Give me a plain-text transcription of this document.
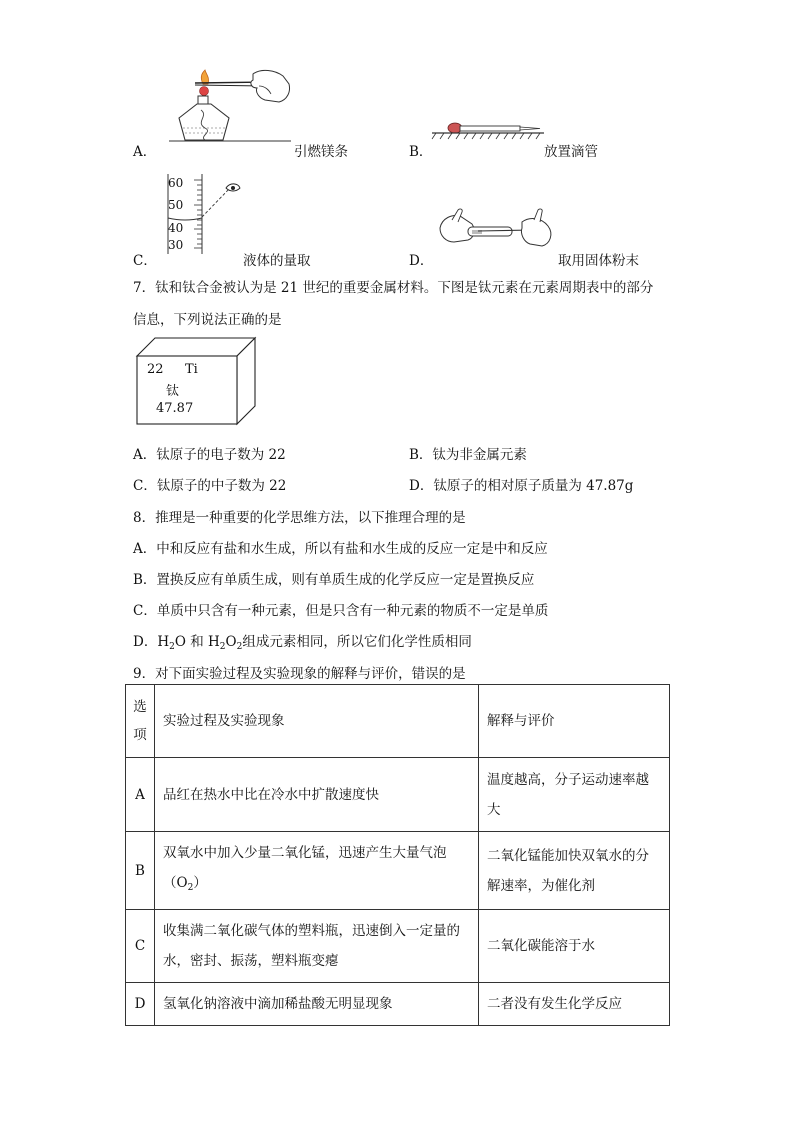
A．	引燃镁条	B．	放置滴管
60
50
40
30
C．	液体的量取	D．	取用固体粉末
7．钛和钛合金被认为是 21 世纪的重要金属材料。下图是钛元素在元素周期表中的部分
信息，下列说法正确的是
22 Ti
钛
47.87
A．钛原子的电子数为 22	B．钛为非金属元素
C．钛原子的中子数为 22	D．钛原子的相对原子质量为 47.87g
8．推理是一种重要的化学思维方法，以下推理合理的是
A．中和反应有盐和水生成，所以有盐和水生成的反应一定是中和反应
B．置换反应有单质生成，则有单质生成的化学反应一定是置换反应
C．单质中只含有一种元素，但是只含有一种元素的物质不一定是单质
D．$H_2O$ 和 $H_2O_2$组成元素相同，所以它们化学性质相同
9．对下面实验过程及实验现象的解释与评价，错误的是
选项	实验过程及实验现象	解释与评价
A	品红在热水中比在冷水中扩散速度快	温度越高，分子运动速率越大
B	双氧水中加入少量二氧化锰，迅速产生大量气泡$(O_2)$	二氧化锰能加快双氧水的分解速率，为催化剂
C	收集满二氧化碳气体的塑料瓶，迅速倒入一定量的水，密封、振荡，塑料瓶变瘪	二氧化碳能溶于水
D	氢氧化钠溶液中滴加稀盐酸无明显现象	二者没有发生化学反应
